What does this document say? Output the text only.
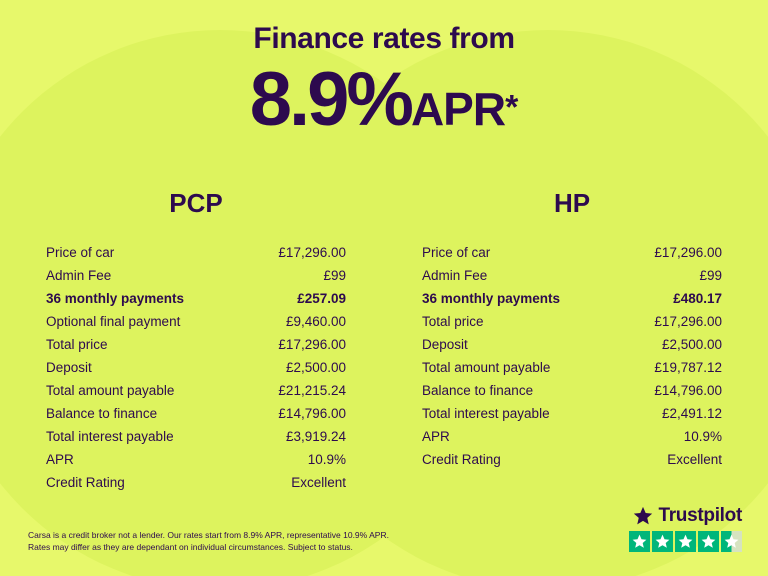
Finance rates from
8.9%APR*
PCP
Price of car	£17,296.00
Admin Fee	£99
36 monthly payments	£257.09
Optional final payment	£9,460.00
Total price	£17,296.00
Deposit	£2,500.00
Total amount payable	£21,215.24
Balance to finance	£14,796.00
Total interest payable	£3,919.24
APR	10.9%
Credit Rating	Excellent
HP
Price of car	£17,296.00
Admin Fee	£99
36 monthly payments	£480.17
Total price	£17,296.00
Deposit	£2,500.00
Total amount payable	£19,787.12
Balance to finance	£14,796.00
Total interest payable	£2,491.12
APR	10.9%
Credit Rating	Excellent
Carsa is a credit broker not a lender. Our rates start from 8.9% APR, representative 10.9% APR.
Rates may differ as they are dependant on individual circumstances. Subject to status.
Trustpilot
